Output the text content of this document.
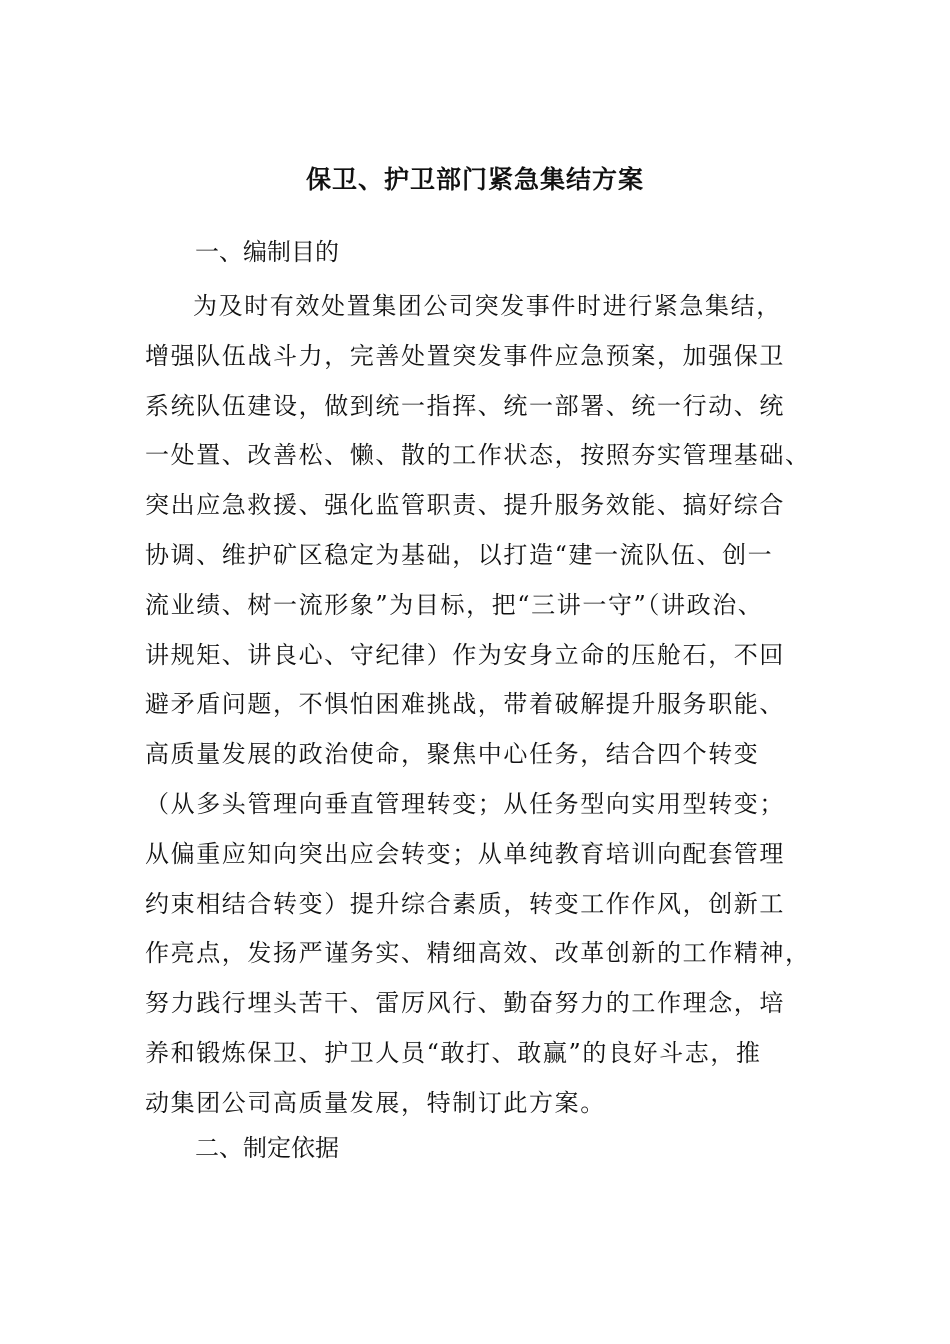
保卫、护卫部门紧急集结方案
一、编制目的
为及时有效处置集团公司突发事件时进行紧急集结，
增强队伍战斗力，完善处置突发事件应急预案，加强保卫
系统队伍建设，做到统一指挥、统一部署、统一行动、统
一处置、改善松、懒、散的工作状态，按照夯实管理基础、
突出应急救援、强化监管职责、提升服务效能、搞好综合
协调、维护矿区稳定为基础，以打造“建一流队伍、创一
流业绩、树一流形象”为目标，把“三讲一守”（讲政治、
讲规矩、讲良心、守纪律）作为安身立命的压舱石，不回
避矛盾问题，不惧怕困难挑战，带着破解提升服务职能、
高质量发展的政治使命，聚焦中心任务，结合四个转变
（从多头管理向垂直管理转变；从任务型向实用型转变；
从偏重应知向突出应会转变；从单纯教育培训向配套管理
约束相结合转变）提升综合素质，转变工作作风，创新工
作亮点，发扬严谨务实、精细高效、改革创新的工作精神，
努力践行埋头苦干、雷厉风行、勤奋努力的工作理念，培
养和锻炼保卫、护卫人员“敢打、敢赢”的良好斗志，推
动集团公司高质量发展，特制订此方案。
二、制定依据
